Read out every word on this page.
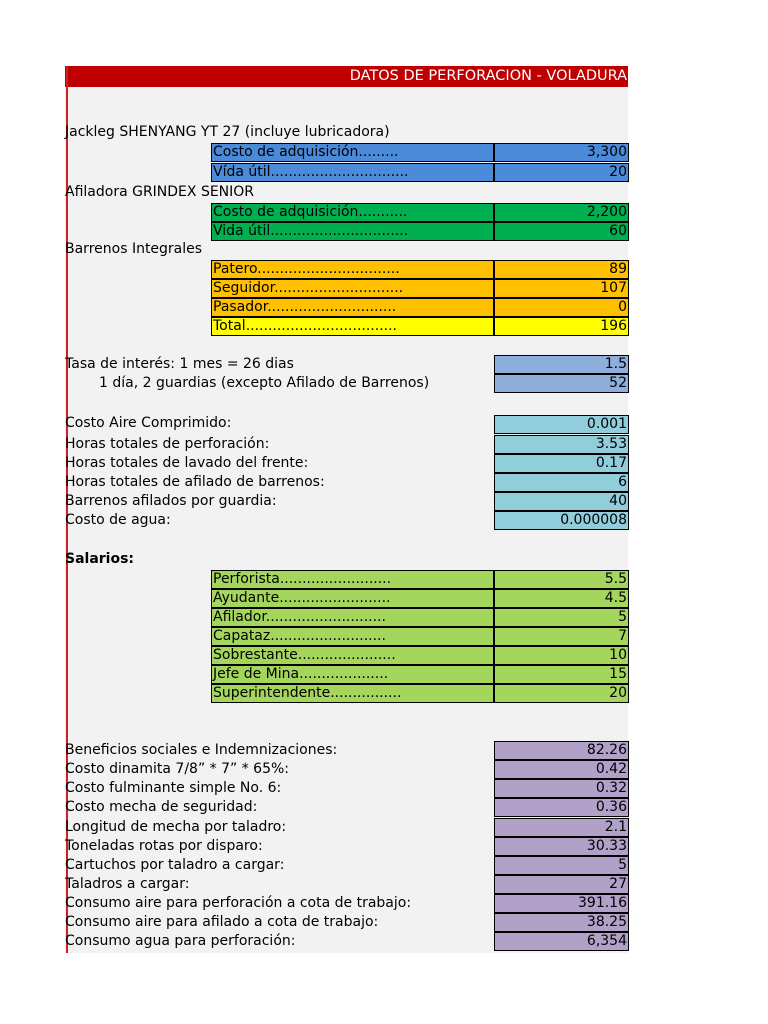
DATOS DE PERFORACION - VOLADURA
Jackleg SHENYANG YT 27 (incluye lubricadora)
Costo de adquisición.........	3,300
Vída útil...............................	20
Afiladora GRINDEX SENIOR
Costo de adquisición...........	2,200
Vida útil...............................	60
Barrenos Integrales
Patero................................	89
Seguidor.............................	107
Pasador.............................	0
Total..................................	196
Tasa de interés: 1 mes = 26 dias	1.5
1 día, 2 guardias (excepto Afilado de Barrenos)	52
Costo Aire Comprimido:	0.001
Horas totales de perforación:	3.53
Horas totales de lavado del frente:	0.17
Horas totales de afilado de barrenos:	6
Barrenos afilados por guardia:	40
Costo de agua:	0.000008
Salarios:
Perforista.........................	5.5
Ayudante.........................	4.5
Afilador...........................	5
Capataz..........................	7
Sobrestante......................	10
Jefe de Mina....................	15
Superintendente................	20
Beneficios sociales e Indemnizaciones:	82.26
Costo dinamita 7/8” * 7” * 65%:	0.42
Costo fulminante simple No. 6:	0.32
Costo mecha de seguridad:	0.36
Longitud de mecha por taladro:	2.1
Toneladas rotas por disparo:	30.33
Cartuchos por taladro a cargar:	5
Taladros a cargar:	27
Consumo aire para perforación a cota de trabajo:	391.16
Consumo aire para afilado a cota de trabajo:	38.25
Consumo agua para perforación:	6,354
